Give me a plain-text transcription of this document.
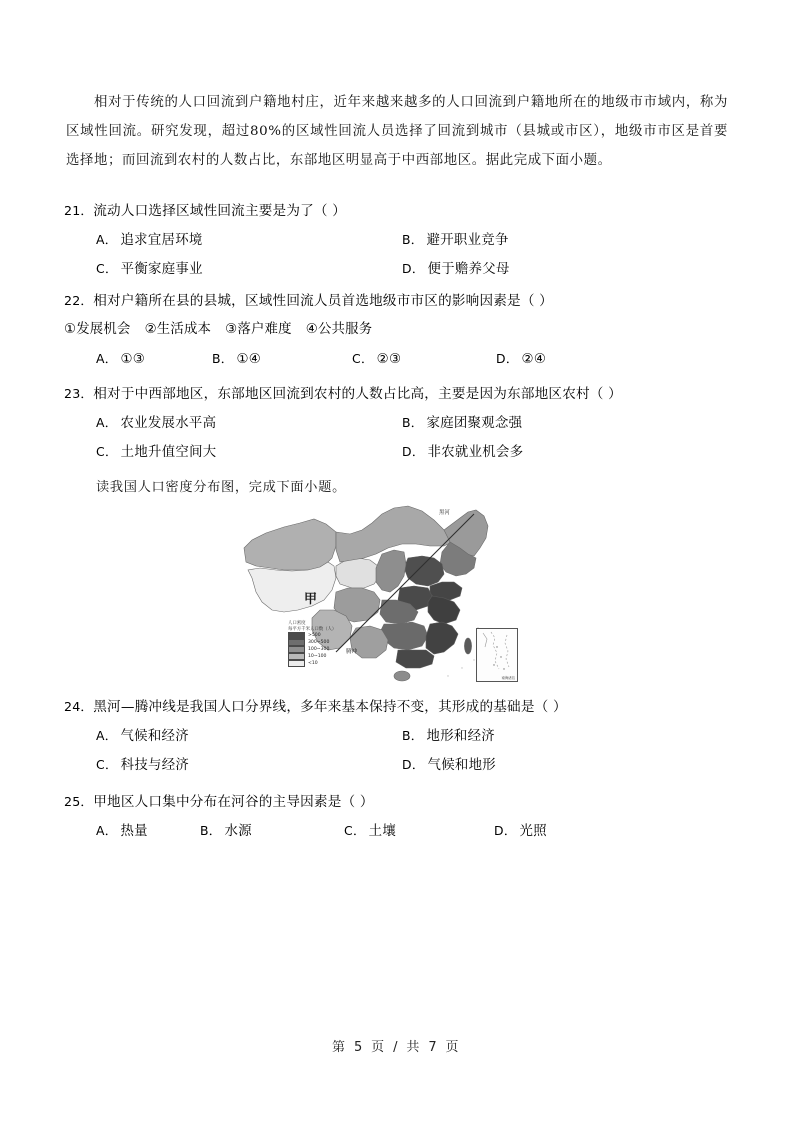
相对于传统的人口回流到户籍地村庄，近年来越来越多的人口回流到户籍地所在的地级市市域内，称为区域性回流。研究发现，超过80%的区域性回流人员选择了回流到城市（县城或市区），地级市市区是首要选择地；而回流到农村的人数占比，东部地区明显高于中西部地区。据此完成下面小题。
21．流动人口选择区域性回流主要是为了（ ）
A． 追求宜居环境	B． 避开职业竞争
C． 平衡家庭事业	D． 便于赡养父母
22．相对户籍所在县的县城，区域性回流人员首选地级市市区的影响因素是（ ）
①发展机会 ②生活成本 ③落户难度 ④公共服务
A． ①③	B． ①④	C． ②③	D． ②④
23．相对于中西部地区，东部地区回流到农村的人数占比高，主要是因为东部地区农村（ ）
A． 农业发展水平高	B． 家庭团聚观念强
C． 土地升值空间大	D． 非农就业机会多
读我国人口密度分布图，完成下面小题。
甲
黑河
腾冲
人口密度
每平方千米人口数（人）
>500
300~500
100~300
10~100
<10
南海诸岛
24．黑河—腾冲线是我国人口分界线，多年来基本保持不变，其形成的基础是（ ）
A． 气候和经济	B． 地形和经济
C． 科技与经济	D． 气候和地形
25．甲地区人口集中分布在河谷的主导因素是（ ）
A． 热量	B． 水源	C． 土壤	D． 光照
第 5 页 / 共 7 页
